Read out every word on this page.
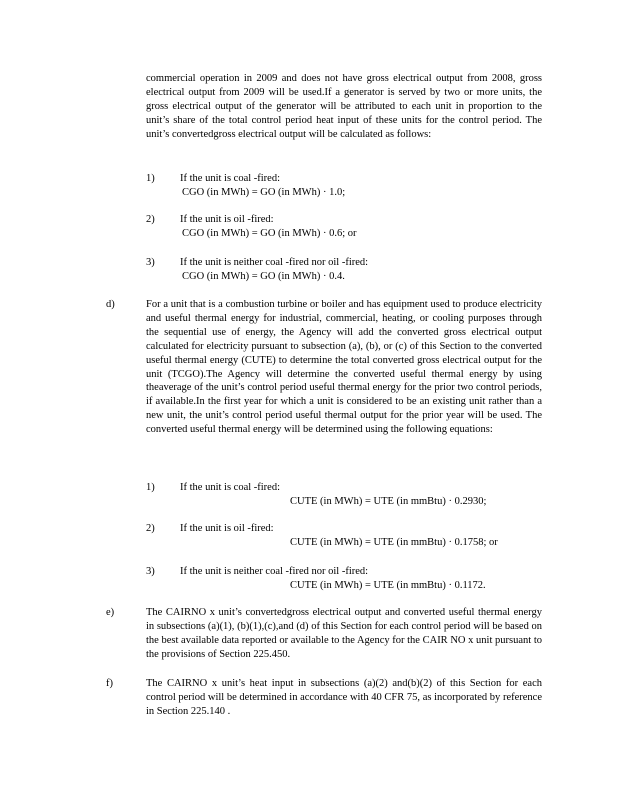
commercial operation in 2009 and does not have gross electrical output from 2008, gross electrical output from 2009 will be used.If a generator is served by two or more units, the gross electrical output of the generator will be attributed to each unit in proportion to the unit’s share of the total control period heat input of these units for the control period. The unit’s convertedgross electrical output will be calculated as follows:

1) If the unit is coal -fired:
CGO (in MWh) = GO (in MWh) · 1.0;
2) If the unit is oil -fired:
CGO (in MWh) = GO (in MWh) · 0.6; or
3) If the unit is neither coal -fired nor oil -fired:
CGO (in MWh) = GO (in MWh) · 0.4.
d)	For a unit that is a combustion turbine or boiler and has equipment used to produce electricity and useful thermal energy for industrial, commercial, heating, or cooling purposes through the sequential use of energy, the Agency will add the converted gross electrical output calculated for electricity pursuant to subsection (a), (b), or (c) of this Section to the converted useful thermal energy (CUTE) to determine the total converted gross electrical output for the unit (TCGO).The Agency will determine the converted useful thermal energy by using theaverage of the unit’s control period useful thermal energy for the prior two control periods, if available.In the first year for which a unit is considered to be an existing unit rather than a new unit, the unit’s control period useful thermal output for the prior year will be used. The converted useful thermal energy will be determined using the following equations:

1) If the unit is coal -fired:
CUTE (in MWh) = UTE (in mmBtu) · 0.2930;
2) If the unit is oil -fired:
CUTE (in MWh) = UTE (in mmBtu) · 0.1758; or
3) If the unit is neither coal -fired nor oil -fired:
CUTE (in MWh) = UTE (in mmBtu) · 0.1172.
e)	The CAIRNO x unit’s convertedgross electrical output and converted useful thermal energy in subsections (a)(1), (b)(1),(c),and (d) of this Section for each control period will be based on the best available data reported or available to the Agency for the CAIR NO x unit pursuant to the provisions of Section 225.450.

f)	The CAIRNO x unit’s heat input in subsections (a)(2) and(b)(2) of this Section for each control period will be determined in accordance with 40 CFR 75, as incorporated by reference in Section 225.140 .
